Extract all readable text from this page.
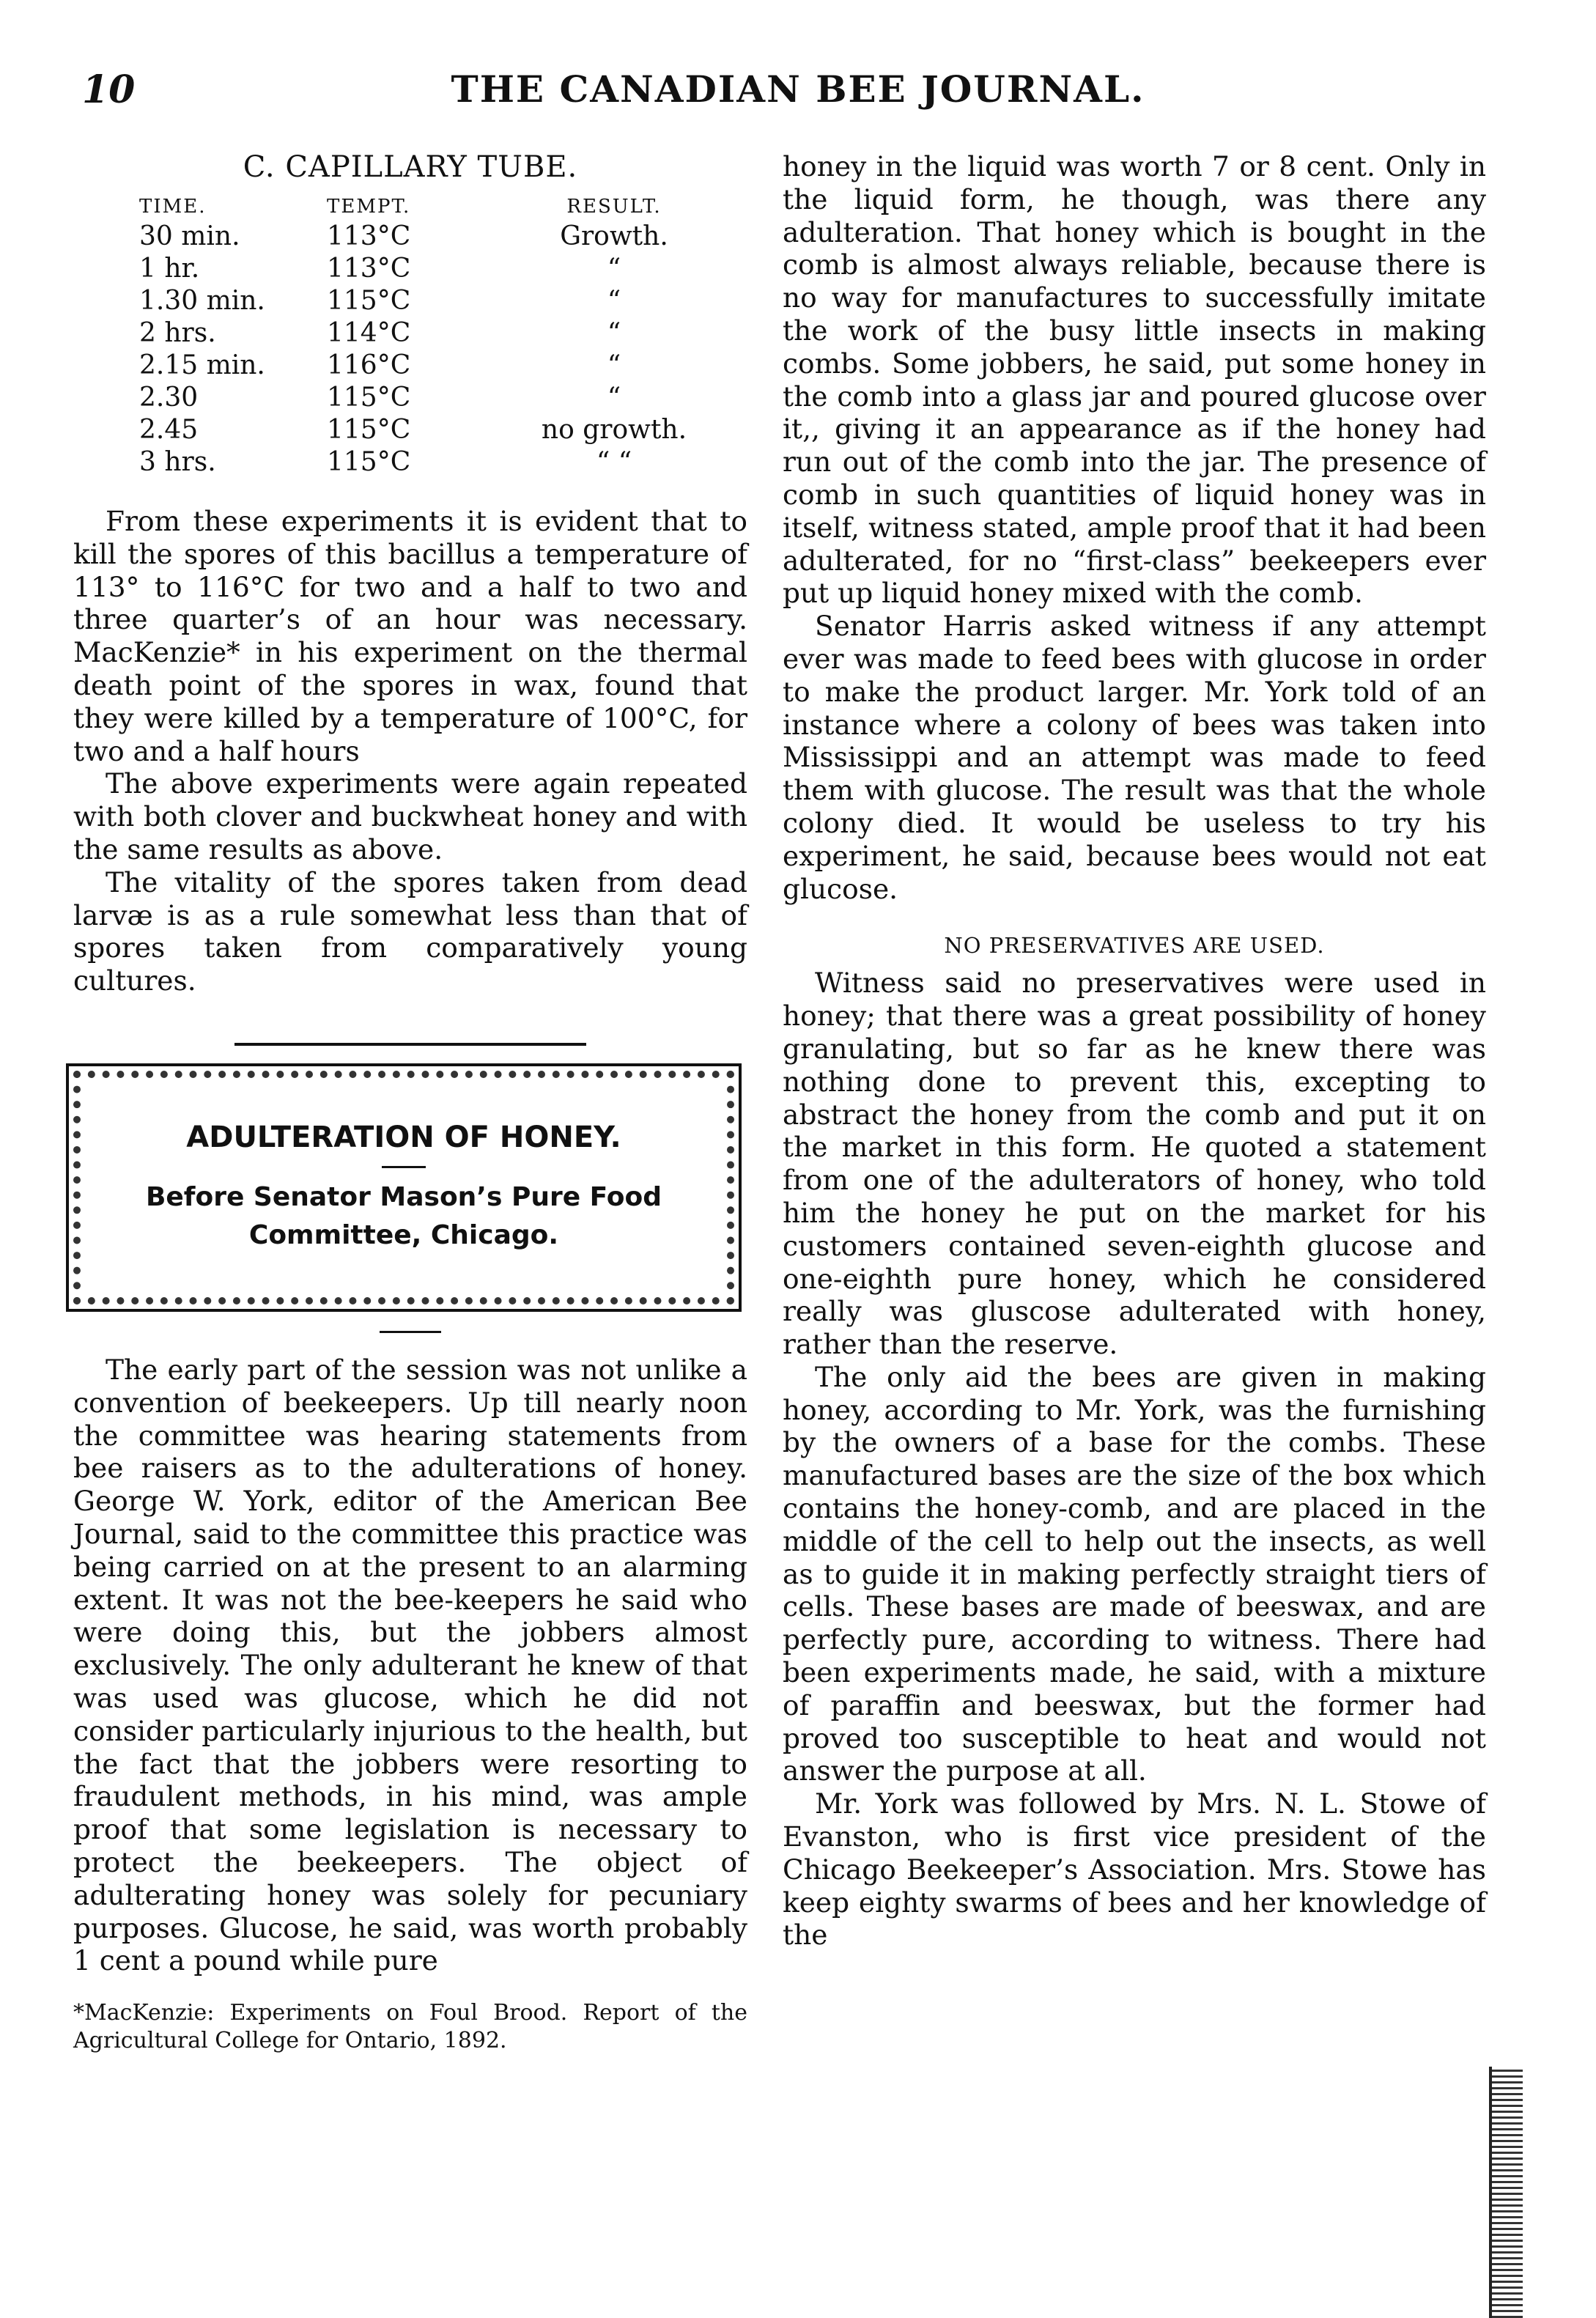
10	THE CANADIAN BEE JOURNAL.
C. CAPILLARY TUBE.
TIME.	TEMPT.	RESULT.
30 min.	113°C	Growth.
1 hr.	113°C	“
1.30 min.	115°C	“
2 hrs.	114°C	“
2.15 min.	116°C	“
2.30	115°C	“
2.45	115°C	no growth.
3 hrs.	115°C	“ “

From these experiments it is evident that to kill the spores of this bacillus a temperature of 113° to 116°C for two and a half to two and three quarter’s of an hour was necessary. MacKenzie* in his experiment on the thermal death point of the spores in wax, found that they were killed by a temperature of 100°C, for two and a half hours

The above experiments were again repeated with both clover and buckwheat honey and with the same results as above.

The vitality of the spores taken from dead larvæ is as a rule somewhat less than that of spores taken from comparatively young cultures.

ADULTERATION OF HONEY.
Before Senator Mason’s Pure Food
Committee, Chicago.

The early part of the session was not unlike a convention of beekeepers. Up till nearly noon the committee was hearing statements from bee raisers as to the adulterations of honey. George W. York, editor of the American Bee Journal, said to the committee this practice was being carried on at the present to an alarming extent. It was not the bee-keepers he said who were doing this, but the jobbers almost exclusively. The only adulterant he knew of that was used was glucose, which he did not consider particularly injurious to the health, but the fact that the jobbers were resorting to fraudulent methods, in his mind, was ample proof that some legislation is necessary to protect the beekeepers. The object of adulterating honey was solely for pecuniary purposes. Glucose, he said, was worth probably 1 cent a pound while pure

*MacKenzie: Experiments on Foul Brood. Report of the Agricultural College for Ontario, 1892.

honey in the liquid was worth 7 or 8 cent. Only in the liquid form, he though, was there any adulteration. That honey which is bought in the comb is almost always reliable, because there is no way for manufactures to successfully imitate the work of the busy little insects in making combs. Some jobbers, he said, put some honey in the comb into a glass jar and poured glucose over it,, giving it an appearance as if the honey had run out of the comb into the jar. The presence of comb in such quantities of liquid honey was in itself, witness stated, ample proof that it had been adulterated, for no “first-class” beekeepers ever put up liquid honey mixed with the comb.

Senator Harris asked witness if any attempt ever was made to feed bees with glucose in order to make the product larger. Mr. York told of an instance where a colony of bees was taken into Mississippi and an attempt was made to feed them with glucose. The result was that the whole colony died. It would be useless to try his experiment, he said, because bees would not eat glucose.

NO PRESERVATIVES ARE USED.

Witness said no preservatives were used in honey; that there was a great possibility of honey granulating, but so far as he knew there was nothing done to prevent this, excepting to abstract the honey from the comb and put it on the market in this form. He quoted a statement from one of the adulterators of honey, who told him the honey he put on the market for his customers contained seven-eighth glucose and one-eighth pure honey, which he considered really was gluscose adulterated with honey, rather than the reserve.

The only aid the bees are given in making honey, according to Mr. York, was the furnishing by the owners of a base for the combs. These manufactured bases are the size of the box which contains the honey-comb, and are placed in the middle of the cell to help out the insects, as well as to guide it in making perfectly straight tiers of cells. These bases are made of beeswax, and are perfectly pure, according to witness. There had been experiments made, he said, with a mixture of paraffin and beeswax, but the former had proved too susceptible to heat and would not answer the purpose at all.

Mr. York was followed by Mrs. N. L. Stowe of Evanston, who is first vice president of the Chicago Beekeeper’s Association. Mrs. Stowe has keep eighty swarms of bees and her knowledge of the
